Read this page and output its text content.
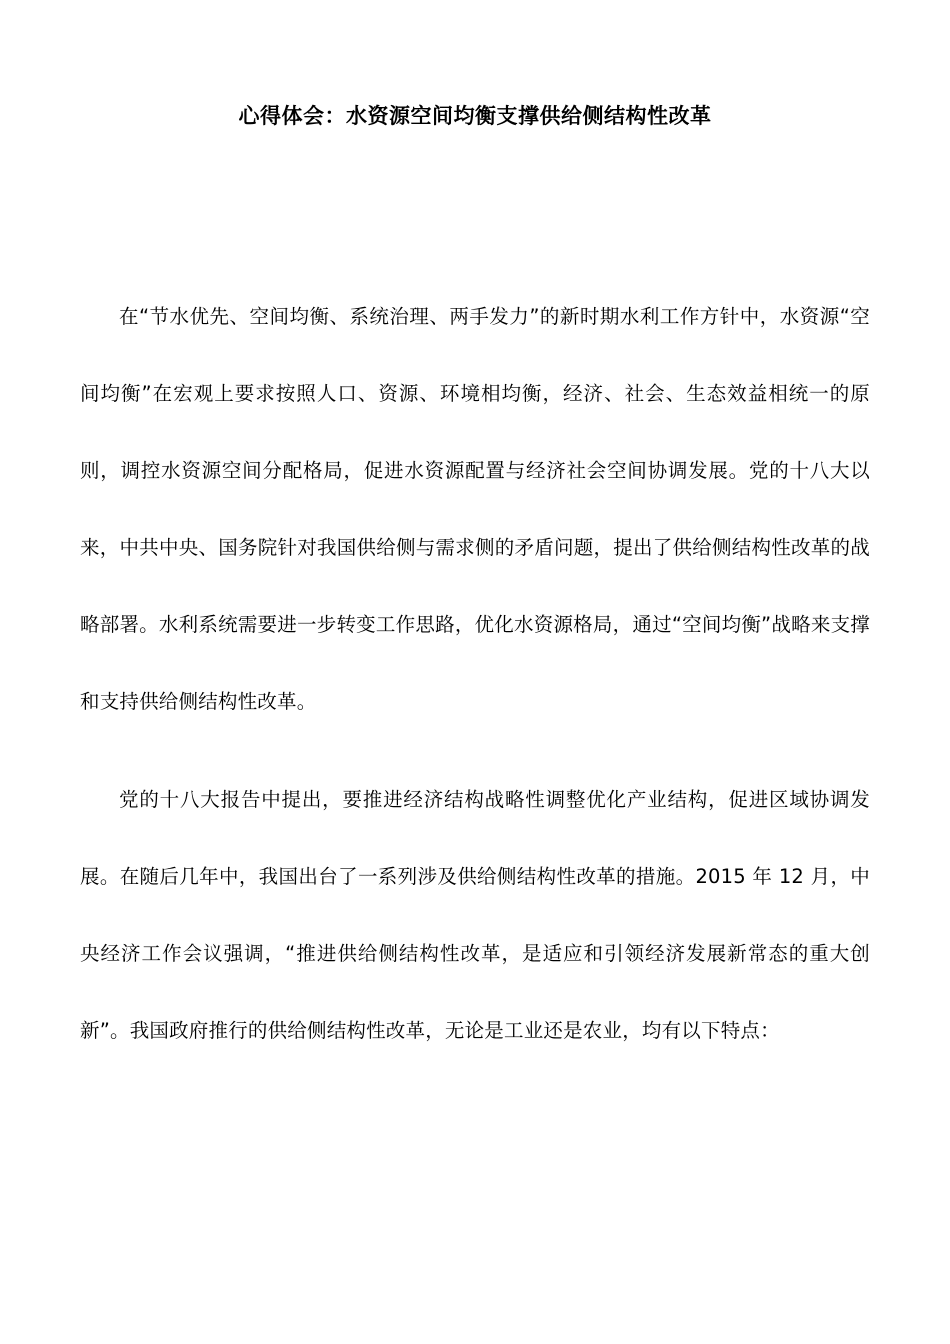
心得体会：水资源空间均衡支撑供给侧结构性改革

在“节水优先、空间均衡、系统治理、两手发力”的新时期水利工作方针中，水资源“空间均衡”在宏观上要求按照人口、资源、环境相均衡，经济、社会、生态效益相统一的原则，调控水资源空间分配格局，促进水资源配置与经济社会空间协调发展。党的十八大以来，中共中央、国务院针对我国供给侧与需求侧的矛盾问题，提出了供给侧结构性改革的战略部署。水利系统需要进一步转变工作思路，优化水资源格局，通过“空间均衡”战略来支撑和支持供给侧结构性改革。

党的十八大报告中提出，要推进经济结构战略性调整优化产业结构，促进区域协调发展。在随后几年中，我国出台了一系列涉及供给侧结构性改革的措施。2015 年 12 月，中央经济工作会议强调，“推进供给侧结构性改革，是适应和引领经济发展新常态的重大创新”。我国政府推行的供给侧结构性改革，无论是工业还是农业，均有以下特点：
